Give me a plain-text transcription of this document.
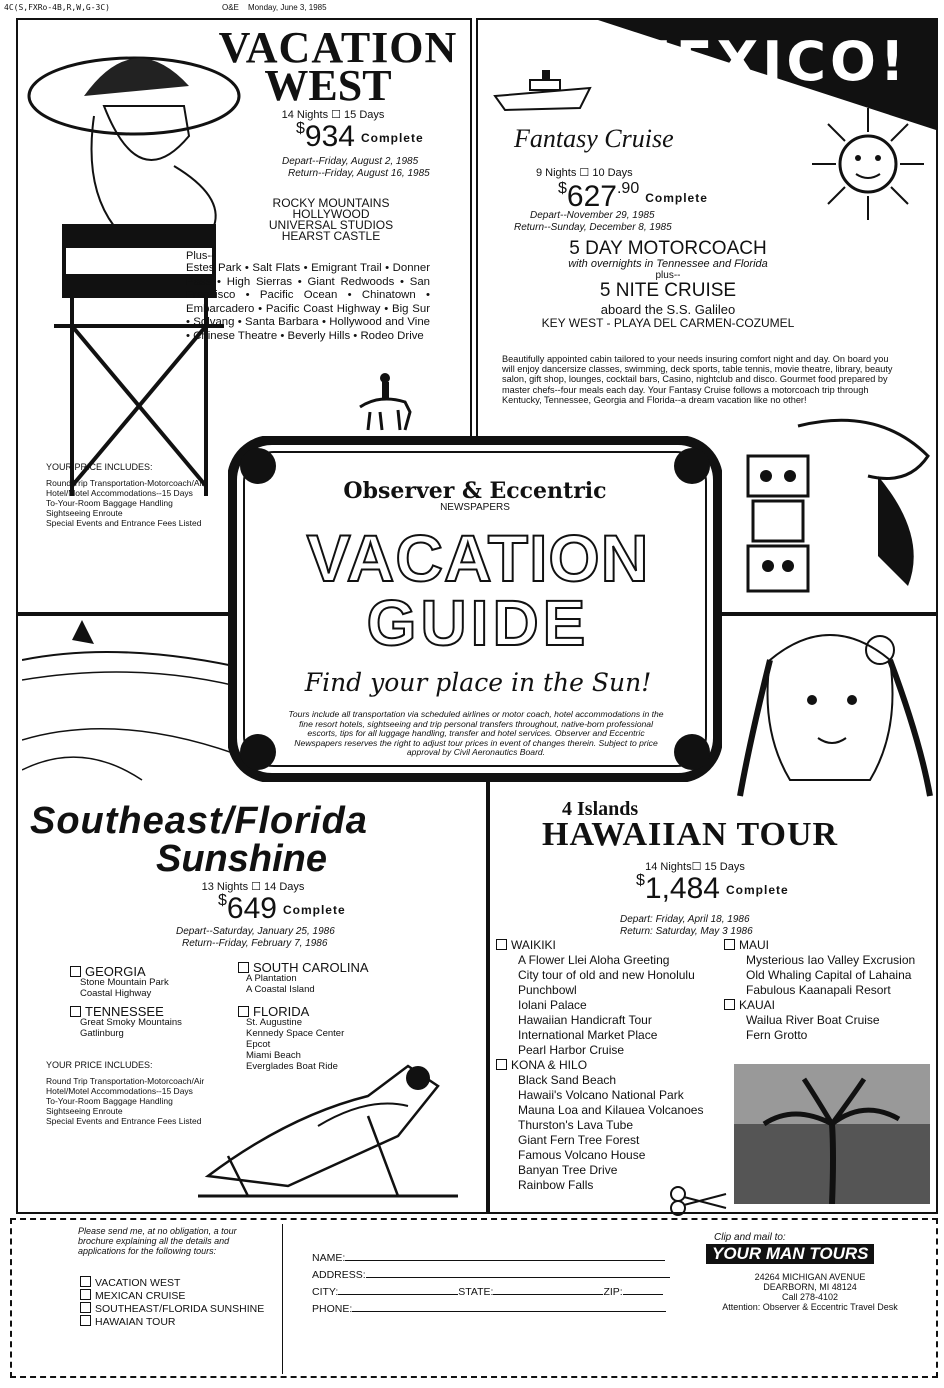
4C(S,FXRo-4B,R,W,G-3C)	O&E Monday, June 3, 1985
VACATION
WEST
14 Nights ☐ 15 Days
$934 Complete
Depart--Friday, August 2, 1985
Return--Friday, August 16, 1985
ROCKY MOUNTAINS
HOLLYWOOD
UNIVERSAL STUDIOS
HEARST CASTLE
Plus--
Estes Park • Salt Flats • Emigrant Trail • Donner Pass • High Sierras • Giant Redwoods • San Francisco • Pacific Ocean • Chinatown • Embarcadero • Pacific Coast Highway • Big Sur • Solvang • Santa Barbara • Hollywood and Vine • Chinese Theatre • Beverly Hills • Rodeo Drive
YOUR PRICE INCLUDES:
Round Trip Transportation-Motorcoach/Air
Hotel/Motel Accommodations--15 Days
To-Your-Room Baggage Handling
Sightseeing Enroute
Special Events and Entrance Fees Listed
MEXICO!
Fantasy Cruise
9 Nights ☐ 10 Days
$^{\$}627^{.90}Complete$
Depart--November 29, 1985
Return--Sunday, December 8, 1985
5 DAY MOTORCOACH
with overnights in Tennessee and Florida
plus--
5 NITE CRUISE
aboard the S.S. Galileo
KEY WEST - PLAYA DEL CARMEN-COZUMEL
Beautifully appointed cabin tailored to your needs insuring comfort night and day. On board you will enjoy dancersize classes, swimming, deck sports, table tennis, movie theatre, library, beauty salon, gift shop, lounges, cocktail bars, Casino, nightclub and disco. Gourmet food prepared by master chefs--four meals each day. Your Fantasy Cruise follows a motorcoach trip through Kentucky, Tennessee, Georgia and Florida--a dream vacation like no other!
Southeast/Florida
Sunshine
13 Nights ☐ 14 Days
$649 Complete
Depart--Saturday, January 25, 1986
Return--Friday, February 7, 1986
GEORGIA
Stone Mountain Park
Coastal Highway
TENNESSEE
Great Smoky Mountains
Gatlinburg
SOUTH CAROLINA
A Plantation
A Coastal Island
FLORIDA
St. Augustine
Kennedy Space Center
Epcot
Miami Beach
Everglades Boat Ride
YOUR PRICE INCLUDES:
Round Trip Transportation-Motorcoach/Air
Hotel/Motel Accommodations--15 Days
To-Your-Room Baggage Handling
Sightseeing Enroute
Special Events and Entrance Fees Listed
4 Islands
HAWAIIAN TOUR
14 Nights☐ 15 Days
$1,484 Complete
Depart: Friday, April 18, 1986
Return: Saturday, May 3 1986
WAIKIKI
A Flower Llei Aloha Greeting
City tour of old and new Honolulu
Punchbowl
Iolani Palace
Hawaiian Handicraft Tour
International Market Place
Pearl Harbor Cruise
KONA & HILO
Black Sand Beach
Hawaii's Volcano National Park
Mauna Loa and Kilauea Volcanoes
Thurston's Lava Tube
Giant Fern Tree Forest
Famous Volcano House
Banyan Tree Drive
Rainbow Falls
MAUI
Mysterious Iao Valley Excrusion
Old Whaling Capital of Lahaina
Fabulous Kaanapali Resort
KAUAI
Wailua River Boat Cruise
Fern Grotto
Observer & Eccentric
NEWSPAPERS
VACATION
GUIDE
Find your place in the Sun!
Tours include all transportation via scheduled airlines or motor coach, hotel accommodations in the fine resort hotels, sightseeing and trip personal transfers throughout, native-born professional escorts, tips for all luggage handling, transfer and hotel services. Observer and Eccentric Newspapers reserves the right to adjust tour prices in event of changes therein. Subject to price approval by Civil Aeronautics Board.
Please send me, at no obligation, a tour brochure explaining all the details and applications for the following tours:
VACATION WEST
MEXICAN CRUISE
SOUTHEAST/FLORIDA SUNSHINE
HAWAIAN TOUR
NAME:
ADDRESS:
CITY:	STATE:	ZIP:
PHONE:
Clip and mail to:
YOUR MAN TOURS
24264 MICHIGAN AVENUE
DEARBORN, MI 48124
Call 278-4102
Attention: Observer & Eccentric Travel Desk
